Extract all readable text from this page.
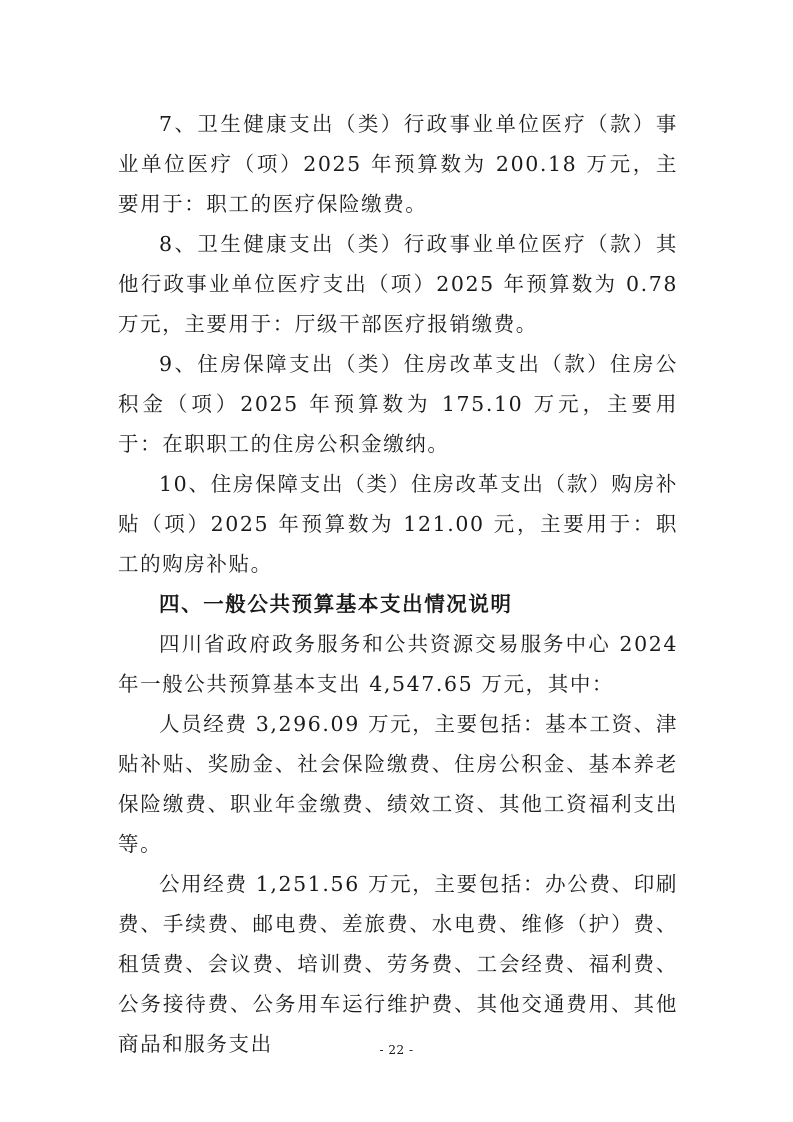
7、卫生健康支出（类）行政事业单位医疗（款）事业单位医疗（项）2025 年预算数为 200.18 万元，主要用于：职工的医疗保险缴费。

8、卫生健康支出（类）行政事业单位医疗（款）其他行政事业单位医疗支出（项）2025 年预算数为 0.78 万元，主要用于：厅级干部医疗报销缴费。

9、住房保障支出（类）住房改革支出（款）住房公积金（项）2025 年预算数为 175.10 万元，主要用于：在职职工的住房公积金缴纳。

10、住房保障支出（类）住房改革支出（款）购房补贴（项）2025 年预算数为 121.00 元，主要用于：职工的购房补贴。

四、一般公共预算基本支出情况说明

四川省政府政务服务和公共资源交易服务中心 2024 年一般公共预算基本支出 4,547.65 万元，其中：

人员经费 3,296.09 万元，主要包括：基本工资、津贴补贴、奖励金、社会保险缴费、住房公积金、基本养老保险缴费、职业年金缴费、绩效工资、其他工资福利支出等。

公用经费 1,251.56 万元，主要包括：办公费、印刷费、手续费、邮电费、差旅费、水电费、维修（护）费、租赁费、会议费、培训费、劳务费、工会经费、福利费、公务接待费、公务用车运行维护费、其他交通费用、其他商品和服务支出	- 22 -
